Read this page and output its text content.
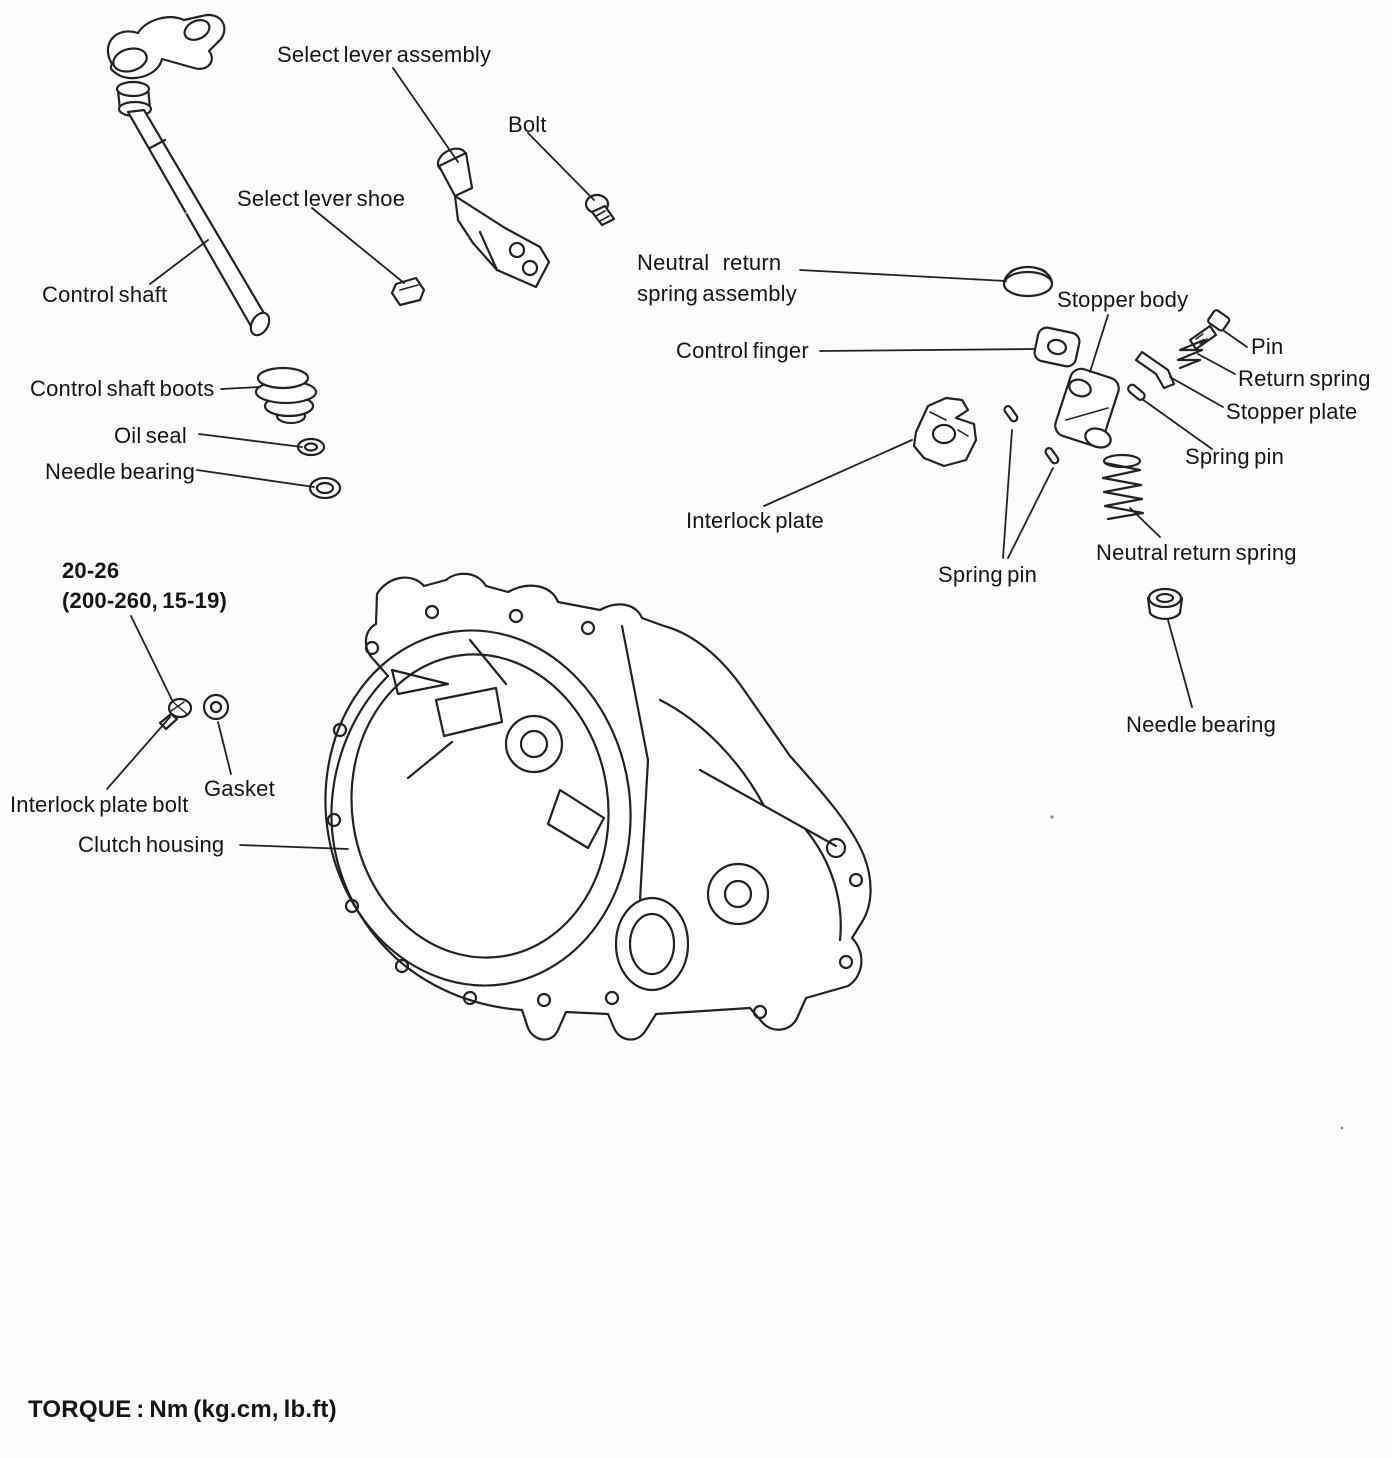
Select lever assembly
Bolt
Select lever shoe
Control shaft
Neutral return
spring assembly	Stopper body
Control finger	Pin
Return spring
Stopper plate
Spring pin
Control shaft boots
Oil seal
Needle bearing
Interlock plate
Spring pin
Neutral return spring
Needle bearing
Gasket
Interlock plate bolt
Clutch housing
20-26
(200-260, 15-19)
TORQUE : Nm (kg.cm, lb.ft)
